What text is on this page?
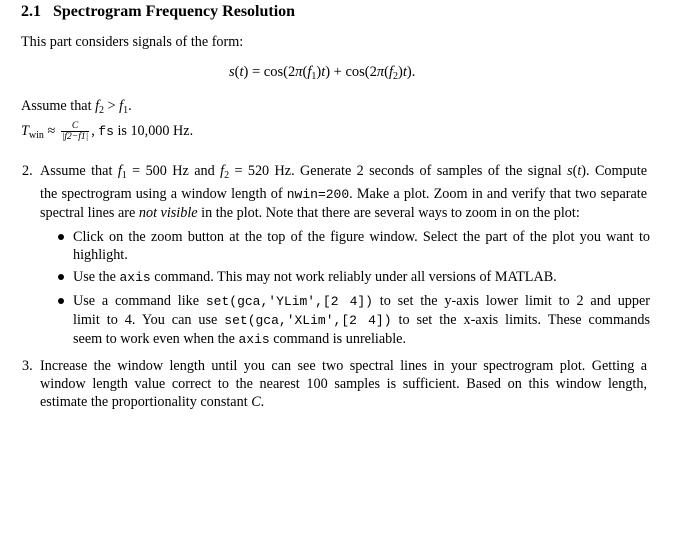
2.1 Spectrogram Frequency Resolution
This part considers signals of the form:
$s(t) = \cos(2\pi(f_1)t) + \cos(2\pi(f_2)t)$.
Assume that $f_2 > f_1$.
$T_{win} \approx \frac{C}{|f2-f1|}$ , fs is 10,000 Hz.
2. Assume that $f_1 = 500$ Hz and $f_2 = 520$ Hz. Generate 2 seconds of samples of the signal s(t). Compute
the spectrogram using a window length of nwin=200. Make a plot. Zoom in and verify that two separate
spectral lines are not visible in the plot. Note that there are several ways to zoom in on the plot:
Click on the zoom button at the top of the figure window. Select the part of the plot you want to
highlight.
Use the axis command. This may not work reliably under all versions of MATLAB.
Use a command like set(gca,'YLim',[2 4]) to set the y-axis lower limit to 2 and upper
limit to 4. You can use set(gca,'XLim',[2 4]) to set the x-axis limits. These commands
seem to work even when the axis command is unreliable.
3. Increase the window length until you can see two spectral lines in your spectrogram plot. Getting a
window length value correct to the nearest 100 samples is sufficient. Based on this window length,
estimate the proportionality constant C.
